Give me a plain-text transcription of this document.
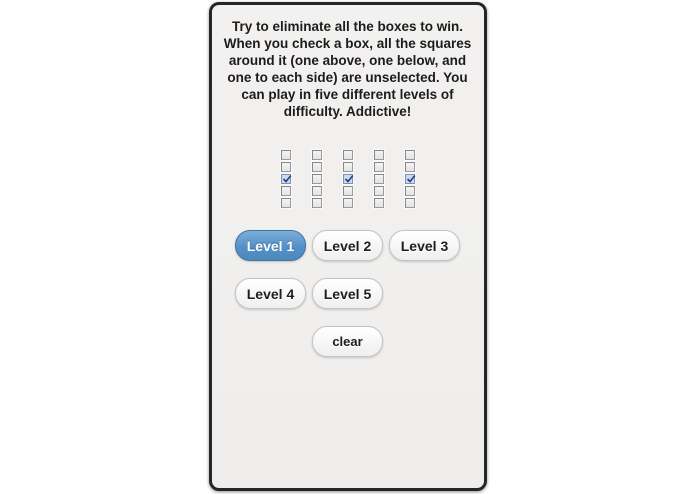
Try to eliminate all the boxes to win. When you check a box, all the squares around it (one above, one below, and one to each side) are unselected. You can play in five different levels of difficulty. Addictive!

Level 1	Level 2	Level 3
Level 4	Level 5
clear
